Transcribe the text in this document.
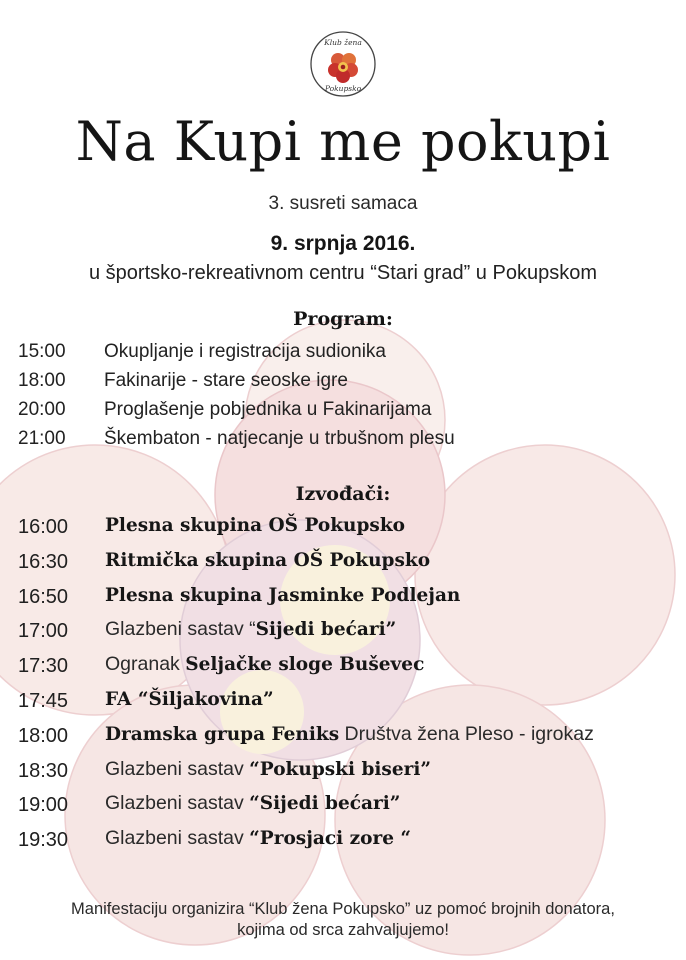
Klub žena
Pokupsko
Na Kupi me pokupi
3. susreti samaca
9. srpnja 2016.
u športsko-rekreativnom centru “Stari grad” u Pokupskom
Program:
15:00 Okupljanje i registracija sudionika
18:00 Fakinarije - stare seoske igre
20:00 Proglašenje pobjednika u Fakinarijama
21:00 Škembaton - natjecanje u trbušnom plesu
Izvođači:
16:00 Plesna skupina OŠ Pokupsko
16:30 Ritmička skupina OŠ Pokupsko
16:50 Plesna skupina Jasminke Podlejan
17:00 Glazbeni sastav “Sijedi bećari”
17:30 Ogranak Seljačke sloge Buševec
17:45 FA “Šiljakovina”
18:00 Dramska grupa Feniks Društva žena Pleso - igrokaz
18:30 Glazbeni sastav “Pokupski biseri”
19:00 Glazbeni sastav “Sijedi bećari”
19:30 Glazbeni sastav “Prosjaci zore “
Manifestaciju organizira “Klub žena Pokupsko” uz pomoć brojnih donatora,
kojima od srca zahvaljujemo!
